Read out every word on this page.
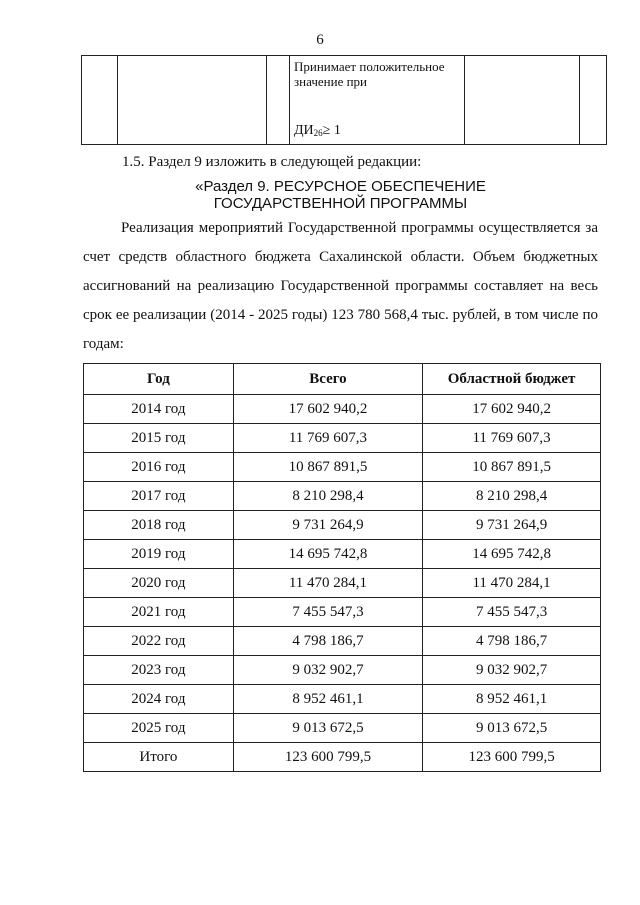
6

Принимает положительное значение при
$ДИ_{26}\ge 1$

1.5. Раздел 9 изложить в следующей редакции:
«Раздел 9. РЕСУРСНОЕ ОБЕСПЕЧЕНИЕ
ГОСУДАРСТВЕННОЙ ПРОГРАММЫ
Реализация мероприятий Государственной программы осуществляется за счет средств областного бюджета Сахалинской области. Объем бюджетных ассигнований на реализацию Государственной программы составляет на весь срок ее реализации (2014 - 2025 годы) 123 780 568,4 тыс. рублей, в том числе по годам:
Год	Всего	Областной бюджет
2014 год	17 602 940,2	17 602 940,2
2015 год	11 769 607,3	11 769 607,3
2016 год	10 867 891,5	10 867 891,5
2017 год	8 210 298,4	8 210 298,4
2018 год	9 731 264,9	9 731 264,9
2019 год	14 695 742,8	14 695 742,8
2020 год	11 470 284,1	11 470 284,1
2021 год	7 455 547,3	7 455 547,3
2022 год	4 798 186,7	4 798 186,7
2023 год	9 032 902,7	9 032 902,7
2024 год	8 952 461,1	8 952 461,1
2025 год	9 013 672,5	9 013 672,5
Итого	123 600 799,5	123 600 799,5
